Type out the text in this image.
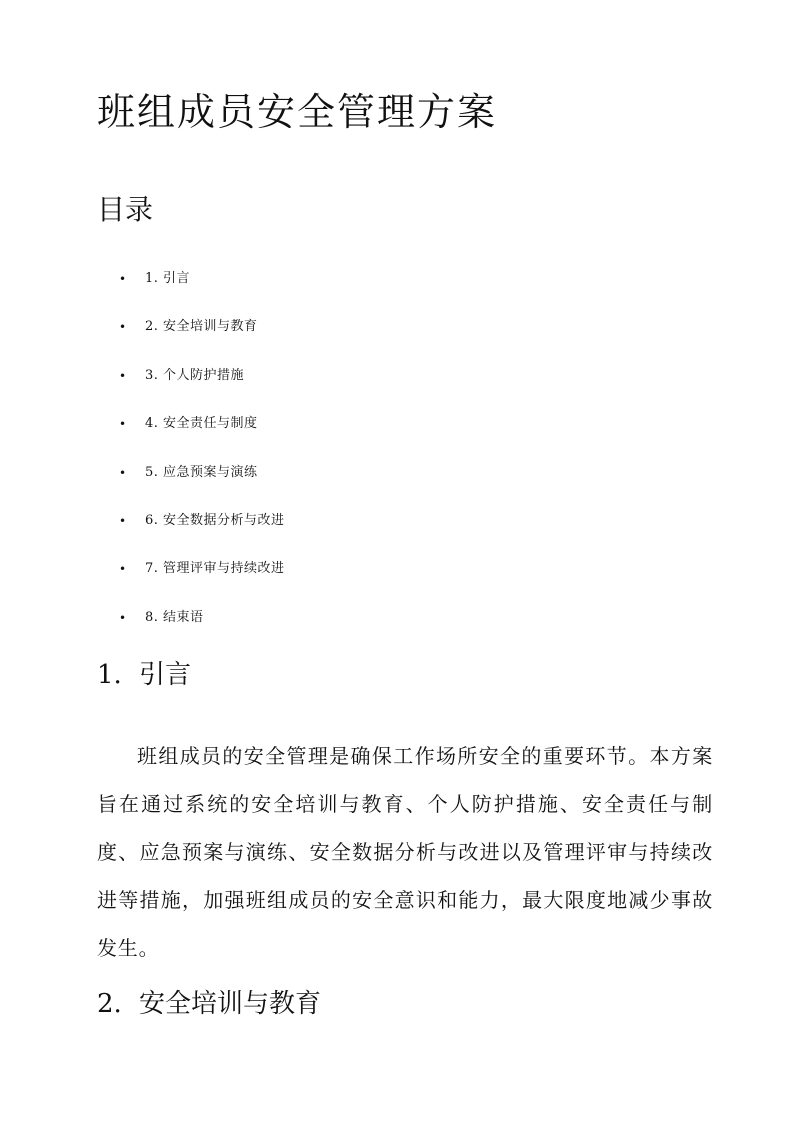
班组成员安全管理方案
目录
• 1. 引言
• 2. 安全培训与教育
• 3. 个人防护措施
• 4. 安全责任与制度
• 5. 应急预案与演练
• 6. 安全数据分析与改进
• 7. 管理评审与持续改进
• 8. 结束语
1. 引言

班组成员的安全管理是确保工作场所安全的重要环节。本方案旨在通过系统的安全培训与教育、个人防护措施、安全责任与制度、应急预案与演练、安全数据分析与改进以及管理评审与持续改进等措施，加强班组成员的安全意识和能力，最大限度地减少事故发生。

2. 安全培训与教育
